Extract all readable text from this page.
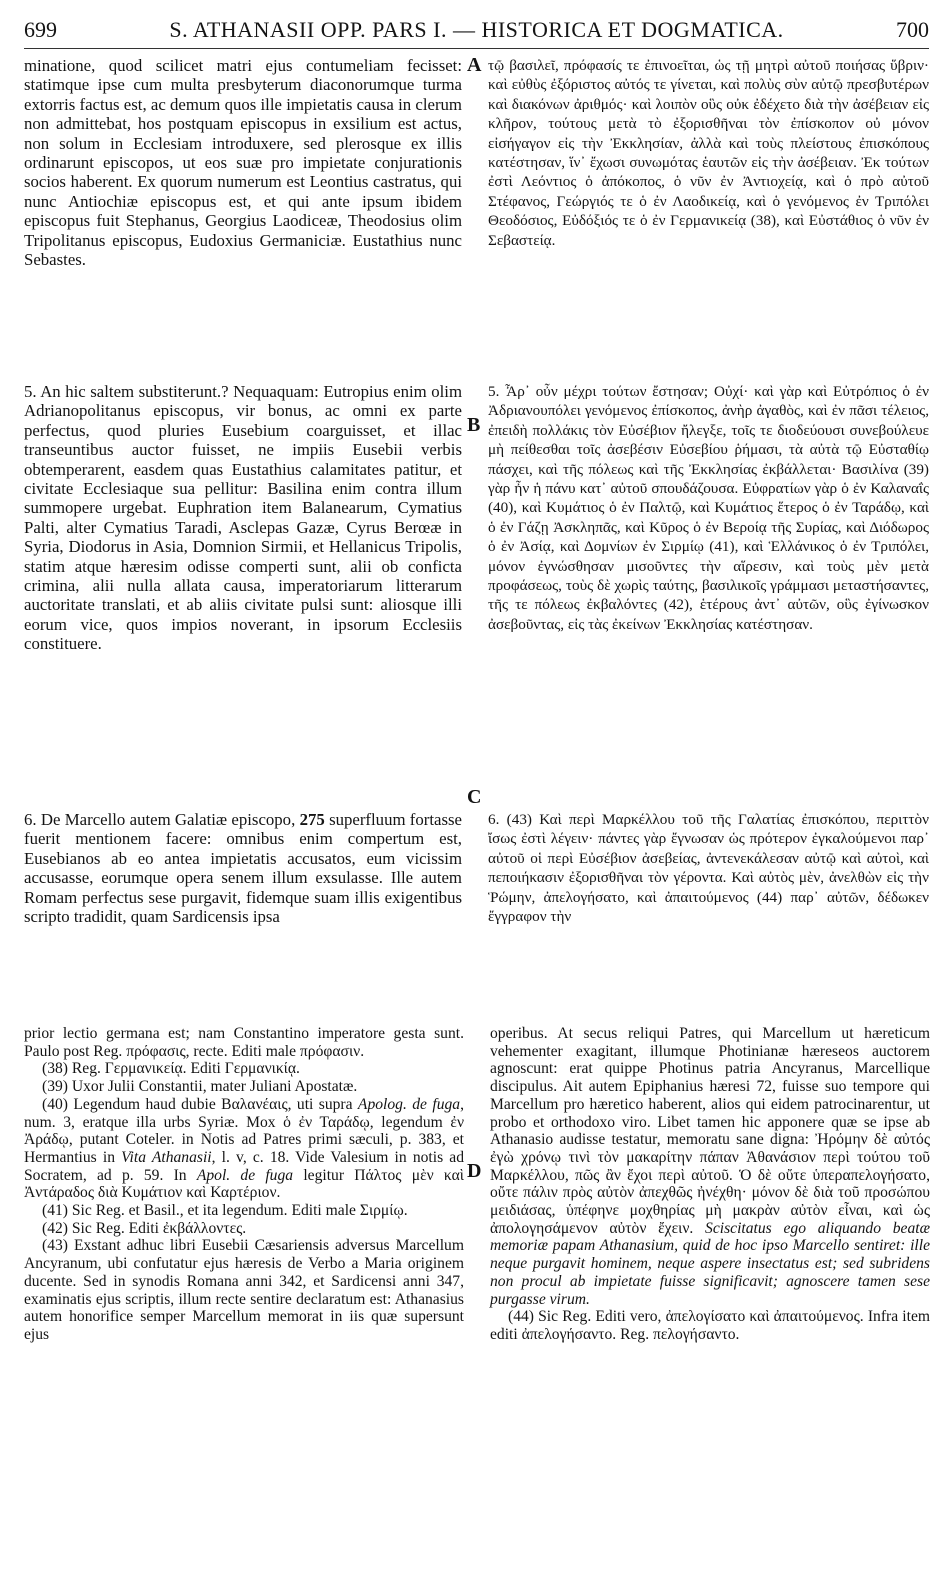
699	S. ATHANASII OPP. PARS I. — HISTORICA ET DOGMATICA.	700

minatione, quod scilicet matri ejus contumeliam fecisset: statimque ipse cum multa presbyterum diaconorumque turma extorris factus est, ac demum quos ille impietatis causa in clerum non admittebat, hos postquam episcopus in exsilium est actus, non solum in Ecclesiam introduxere, sed plerosque ex illis ordinarunt episcopos, ut eos suæ pro impietate conjurationis socios haberent. Ex quorum numerum est Leontius castratus, qui nunc Antiochiæ episcopus est, et qui ante ipsum ibidem episcopus fuit Stephanus, Georgius Laodiceæ, Theodosius olim Tripolitanus episcopus, Eudoxius Germaniciæ. Eustathius nunc Sebastes.

τῷ βασιλεῖ, πρόφασίς τε ἐπινοεῖται, ὡς τῇ μητρὶ αὐτοῦ ποιήσας ὕβριν· καὶ εὐθὺς ἐξόριστος αὐτός τε γίνεται, καὶ πολὺς σὺν αὐτῷ πρεσβυτέρων καὶ διακόνων ἀριθμός· καὶ λοιπὸν οὓς οὐκ ἐδέχετο διὰ τὴν ἀσέβειαν εἰς κλῆρον, τούτους μετὰ τὸ ἐξορισθῆναι τὸν ἐπίσκοπον οὐ μόνον εἰσήγαγον εἰς τὴν Ἐκκλησίαν, ἀλλὰ καὶ τοὺς πλείστους ἐπισκόπους κατέστησαν, ἵν᾿ ἔχωσι συνωμότας ἑαυτῶν εἰς τὴν ἀσέβειαν. Ἐκ τούτων ἐστὶ Λεόντιος ὁ ἀπόκοπος, ὁ νῦν ἐν Ἀντιοχείᾳ, καὶ ὁ πρὸ αὐτοῦ Στέφανος, Γεώργιός τε ὁ ἐν Λαοδικείᾳ, καὶ ὁ γενόμενος ἐν Τριπόλει Θεοδόσιος, Εὐδόξιός τε ὁ ἐν Γερμανικείᾳ (38), καὶ Εὐστάθιος ὁ νῦν ἐν Σεβαστείᾳ.

5. An hic saltem substiterunt.? Nequaquam: Eutropius enim olim Adrianopolitanus episcopus, vir bonus, ac omni ex parte perfectus, quod pluries Eusebium coarguisset, et illac transeuntibus auctor fuisset, ne impiis Eusebii verbis obtemperarent, easdem quas Eustathius calamitates patitur, et civitate Ecclesiaque sua pellitur: Basilina enim contra illum summopere urgebat. Euphration item Balanearum, Cymatius Palti, alter Cymatius Taradi, Asclepas Gazæ, Cyrus Berœæ in Syria, Diodorus in Asia, Domnion Sirmii, et Hellanicus Tripolis, statim atque hæresim odisse comperti sunt, alii ob conficta crimina, alii nulla allata causa, imperatoriarum litterarum auctoritate translati, et ab aliis civitate pulsi sunt: aliosque illi eorum vice, quos impios noverant, in ipsorum Ecclesiis constituere.

5. Ἆρ᾿ οὖν μέχρι τούτων ἔστησαν; Οὐχί· καὶ γὰρ καὶ Εὐτρόπιος ὁ ἐν Ἀδριανουπόλει γενόμενος ἐπίσκοπος, ἀνὴρ ἀγαθὸς, καὶ ἐν πᾶσι τέλειος, ἐπειδὴ πολλάκις τὸν Εὐσέβιον ἤλεγξε, τοῖς τε διοδεύουσι συνεβούλευε μὴ πείθεσθαι τοῖς ἀσεβέσιν Εὐσεβίου ῥήμασι, τὰ αὐτὰ τῷ Εὐσταθίῳ πάσχει, καὶ τῆς πόλεως καὶ τῆς Ἐκκλησίας ἐκβάλλεται· Βασιλίνα (39) γὰρ ἦν ἡ πάνυ κατ᾿ αὐτοῦ σπουδάζουσα. Εὐφρατίων γὰρ ὁ ἐν Καλαναΐς (40), καὶ Κυμάτιος ὁ ἐν Παλτῷ, καὶ Κυμάτιος ἕτερος ὁ ἐν Ταράδῳ, καὶ ὁ ἐν Γάζῃ Ἀσκληπᾶς, καὶ Κῦρος ὁ ἐν Βεροίᾳ τῆς Συρίας, καὶ Διόδωρος ὁ ἐν Ἀσίᾳ, καὶ Δομνίων ἐν Σιρμίῳ (41), καὶ Ἑλλάνικος ὁ ἐν Τριπόλει, μόνον ἐγνώσθησαν μισοῦντες τὴν αἵρεσιν, καὶ τοὺς μὲν μετὰ προφάσεως, τοὺς δὲ χωρὶς ταύτης, βασιλικοῖς γράμμασι μεταστήσαντες, τῆς τε πόλεως ἐκβαλόντες (42), ἑτέρους ἀντ᾿ αὐτῶν, οὓς ἐγίνωσκον ἀσεβοῦντας, εἰς τὰς ἐκείνων Ἐκκλησίας κατέστησαν.

6. De Marcello autem Galatiæ episcopo, 275 superfluum fortasse fuerit mentionem facere: omnibus enim compertum est, Eusebianos ab eo antea impietatis accusatos, eum vicissim accusasse, eorumque opera senem illum exsulasse. Ille autem Romam perfectus sese purgavit, fidemque suam illis exigentibus scripto tradidit, quam Sardicensis ipsa

6. (43) Καὶ περὶ Μαρκέλλου τοῦ τῆς Γαλατίας ἐπισκόπου, περιττὸν ἴσως ἐστὶ λέγειν· πάντες γὰρ ἔγνωσαν ὡς πρότερον ἐγκαλούμενοι παρ᾿ αὐτοῦ οἱ περὶ Εὐσέβιον ἀσεβείας, ἀντενεκάλεσαν αὐτῷ καὶ αὐτοὶ, καὶ πεποιήκασιν ἐξορισθῆναι τὸν γέροντα. Καὶ αὐτὸς μὲν, ἀνελθὼν εἰς τὴν Ῥώμην, ἀπελογήσατο, καὶ ἀπαιτούμενος (44) παρ᾿ αὐτῶν, δέδωκεν ἔγγραφον τὴν

A
B
C
D

prior lectio germana est; nam Constantino imperatore gesta sunt. Paulo post Reg. πρόφασις, recte. Editi male πρόφασιν.

(38) Reg. Γερμανικείᾳ. Editi Γερμανικίᾳ.

(39) Uxor Julii Constantii, mater Juliani Apostatæ.

(40) Legendum haud dubie Βαλανέαις, uti supra Apolog. de fuga, num. 3, eratque illa urbs Syriæ. Mox ὁ ἐν Ταράδῳ, legendum ἐν Ἀράδῳ, putant Coteler. in Notis ad Patres primi sæculi, p. 383, et Hermantius in Vita Athanasii, l. v, c. 18. Vide Valesium in notis ad Socratem, ad p. 59. In Apol. de fuga legitur Πάλτος μὲν καὶ Ἀντάραδος διὰ Κυμάτιον καὶ Καρτέριον.

(41) Sic Reg. et Basil., et ita legendum. Editi male Σιρμίῳ.

(42) Sic Reg. Editi ἐκβάλλοντες.

(43) Exstant adhuc libri Eusebii Cæsariensis adversus Marcellum Ancyranum, ubi confutatur ejus hæresis de Verbo a Maria originem ducente. Sed in synodis Romana anni 342, et Sardicensi anni 347, examinatis ejus scriptis, illum recte sentire declaratum est: Athanasius autem honorifice semper Marcellum memorat in iis quæ supersunt ejus

operibus. At secus reliqui Patres, qui Marcellum ut hæreticum vehementer exagitant, illumque Photinianæ hæreseos auctorem agnoscunt: erat quippe Photinus patria Ancyranus, Marcellique discipulus. Ait autem Epiphanius hæresi 72, fuisse suo tempore qui Marcellum pro hæretico haberent, alios qui eidem patrocinarentur, ut probo et orthodoxo viro. Libet tamen hic apponere quæ se ipse ab Athanasio audisse testatur, memoratu sane digna: Ἠρόμην δὲ αὐτός ἐγὼ χρόνῳ τινὶ τὸν μακαρίτην πάπαν Ἀθανάσιον περὶ τούτου τοῦ Μαρκέλλου, πῶς ἂν ἔχοι περὶ αὐτοῦ. Ὁ δὲ οὔτε ὑπεραπελογήσατο, οὔτε πάλιν πρὸς αὐτὸν ἀπεχθῶς ἠνέχθη· μόνον δὲ διὰ τοῦ προσώπου μειδιάσας, ὑπέφηνε μοχθηρίας μὴ μακρὰν αὐτὸν εἶναι, καὶ ὡς ἀπολογησάμενον αὐτὸν ἔχειν. Sciscitatus ego aliquando beatæ memoriæ papam Athanasium, quid de hoc ipso Marcello sentiret: ille neque purgavit hominem, neque aspere insectatus est; sed subridens non procul ab impietate fuisse significavit; agnoscere tamen sese purgasse virum.

(44) Sic Reg. Editi vero, ἀπελογίσατο καὶ ἀπαιτούμενος. Infra item editi ἀπελογήσαντο. Reg. πελογήσαντο.
